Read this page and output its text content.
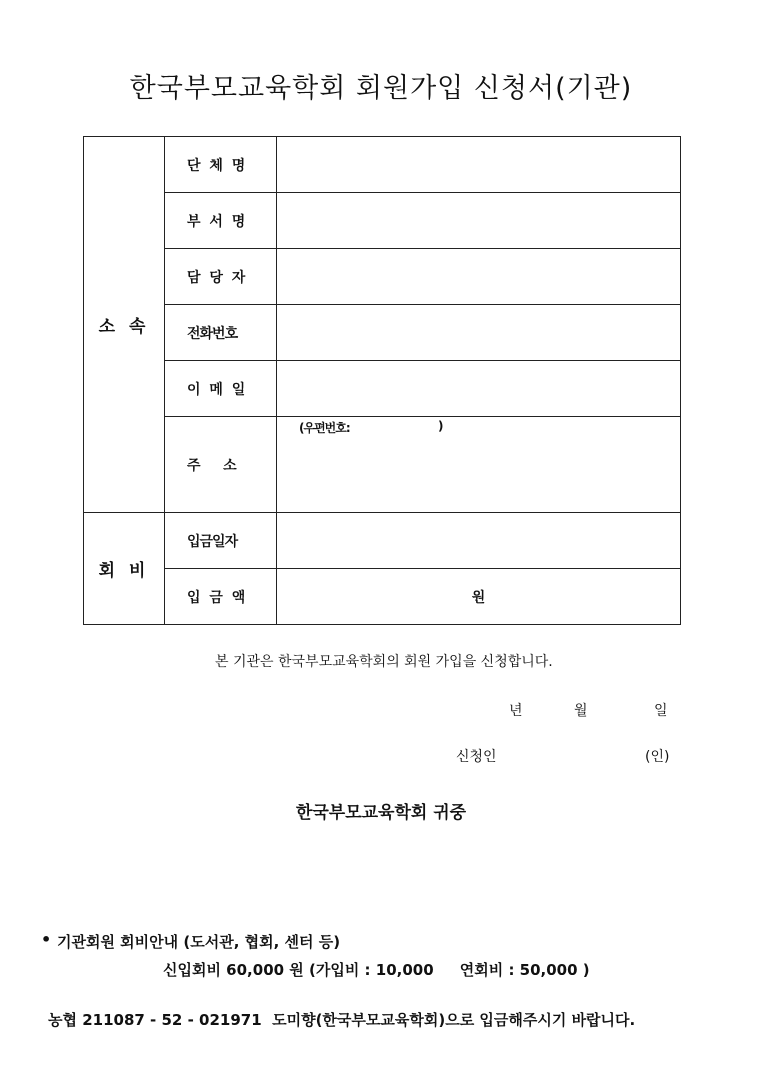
한국부모교육학회 회원가입 신청서(기관)
소 속	단 체 명	
	부 서 명	
	담 당 자	
	전화번호	
	이 메 일	
	주   소	(우편번호: )

회 비	입금일자	
	입 금 액	원
본 기관은 한국부모교육학회의 회원 가입을 신청합니다.
년	월	일
신청인	(인)
한국부모교육학회 귀중
• 기관회원 회비안내 (도서관, 협회, 센터 등)
신입회비 60,000 원 (가입비 : 10,000     연회비 : 50,000 )
농협 211087 - 52 - 021971  도미향(한국부모교육학회)으로 입금해주시기 바랍니다.
